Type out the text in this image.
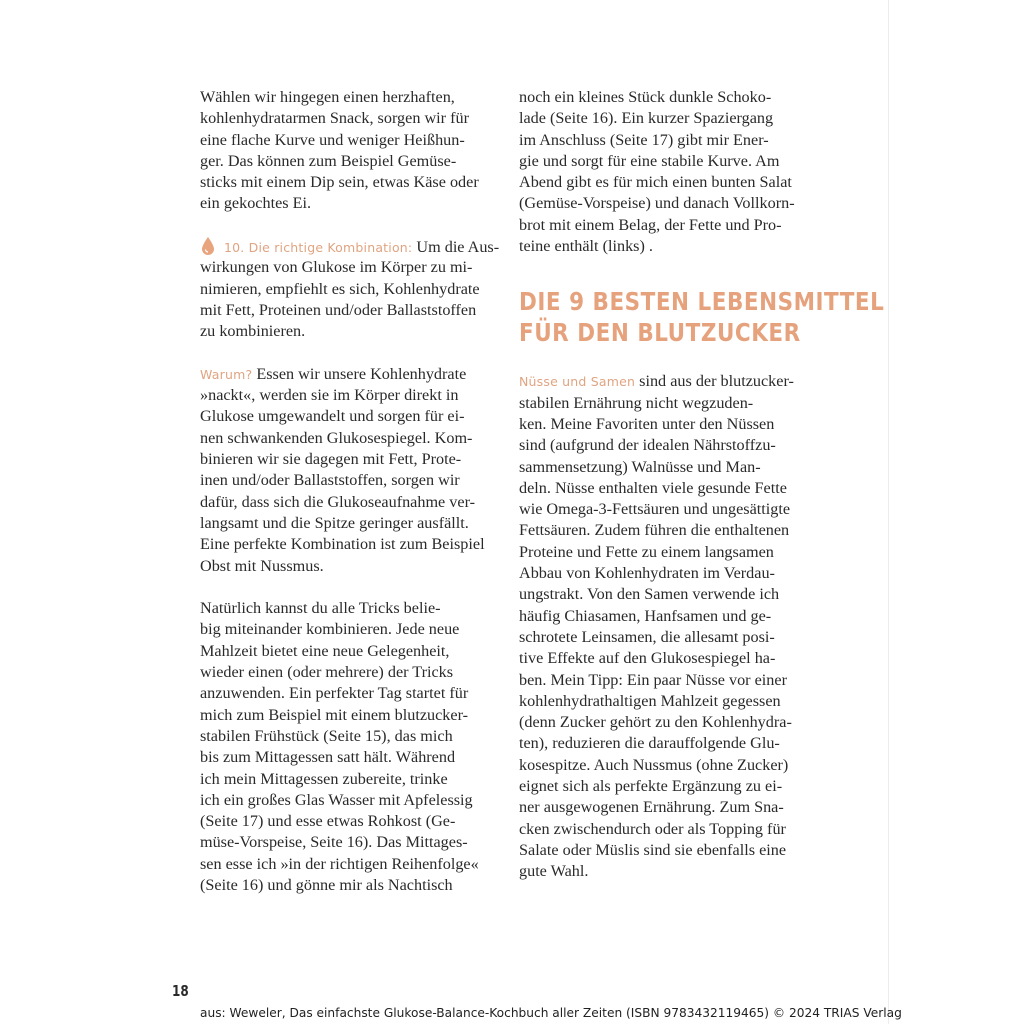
Wählen wir hingegen einen herzhaften,
kohlenhydratarmen Snack, sorgen wir für
eine flache Kurve und weniger Heißhun-
ger. Das können zum Beispiel Gemüse-
sticks mit einem Dip sein, etwas Käse oder
ein gekochtes Ei.
10. Die richtige Kombination: Um die Aus-
wirkungen von Glukose im Körper zu mi-
nimieren, empfiehlt es sich, Kohlenhydrate
mit Fett, Proteinen und/oder Ballaststoffen
zu kombinieren.
Warum? Essen wir unsere Kohlenhydrate
»nackt«, werden sie im Körper direkt in
Glukose umgewandelt und sorgen für ei-
nen schwankenden Glukosespiegel. Kom-
binieren wir sie dagegen mit Fett, Prote-
inen und/oder Ballaststoffen, sorgen wir
dafür, dass sich die Glukoseaufnahme ver-
langsamt und die Spitze geringer ausfällt.
Eine perfekte Kombination ist zum Beispiel
Obst mit Nussmus.
Natürlich kannst du alle Tricks belie-
big miteinander kombinieren. Jede neue
Mahlzeit bietet eine neue Gelegenheit,
wieder einen (oder mehrere) der Tricks
anzuwenden. Ein perfekter Tag startet für
mich zum Beispiel mit einem blutzucker-
stabilen Frühstück (Seite 15), das mich
bis zum Mittagessen satt hält. Während
ich mein Mittagessen zubereite, trinke
ich ein großes Glas Wasser mit Apfelessig
(Seite 17) und esse etwas Rohkost (Ge-
müse-Vorspeise, Seite 16). Das Mittages-
sen esse ich »in der richtigen Reihenfolge«
(Seite 16) und gönne mir als Nachtisch
noch ein kleines Stück dunkle Schoko-
lade (Seite 16). Ein kurzer Spaziergang
im Anschluss (Seite 17) gibt mir Ener-
gie und sorgt für eine stabile Kurve. Am
Abend gibt es für mich einen bunten Salat
(Gemüse-Vorspeise) und danach Vollkorn-
brot mit einem Belag, der Fette und Pro-
teine enthält (links) .
DIE 9 BESTEN LEBENSMITTEL
FÜR DEN BLUTZUCKER
Nüsse und Samen sind aus der blutzucker-
stabilen Ernährung nicht wegzuden-
ken. Meine Favoriten unter den Nüssen
sind (aufgrund der idealen Nährstoffzu-
sammensetzung) Walnüsse und Man-
deln. Nüsse enthalten viele gesunde Fette
wie Omega-3-Fettsäuren und ungesättigte
Fettsäuren. Zudem führen die enthaltenen
Proteine und Fette zu einem langsamen
Abbau von Kohlenhydraten im Verdau-
ungstrakt. Von den Samen verwende ich
häufig Chiasamen, Hanfsamen und ge-
schrotete Leinsamen, die allesamt posi-
tive Effekte auf den Glukosespiegel ha-
ben. Mein Tipp: Ein paar Nüsse vor einer
kohlenhydrathaltigen Mahlzeit gegessen
(denn Zucker gehört zu den Kohlenhydra-
ten), reduzieren die darauffolgende Glu-
kosespitze. Auch Nussmus (ohne Zucker)
eignet sich als perfekte Ergänzung zu ei-
ner ausgewogenen Ernährung. Zum Sna-
cken zwischendurch oder als Topping für
Salate oder Müslis sind sie ebenfalls eine
gute Wahl.
18
aus: Weweler, Das einfachste Glukose-Balance-Kochbuch aller Zeiten (ISBN 9783432119465) © 2024 TRIAS Verlag
